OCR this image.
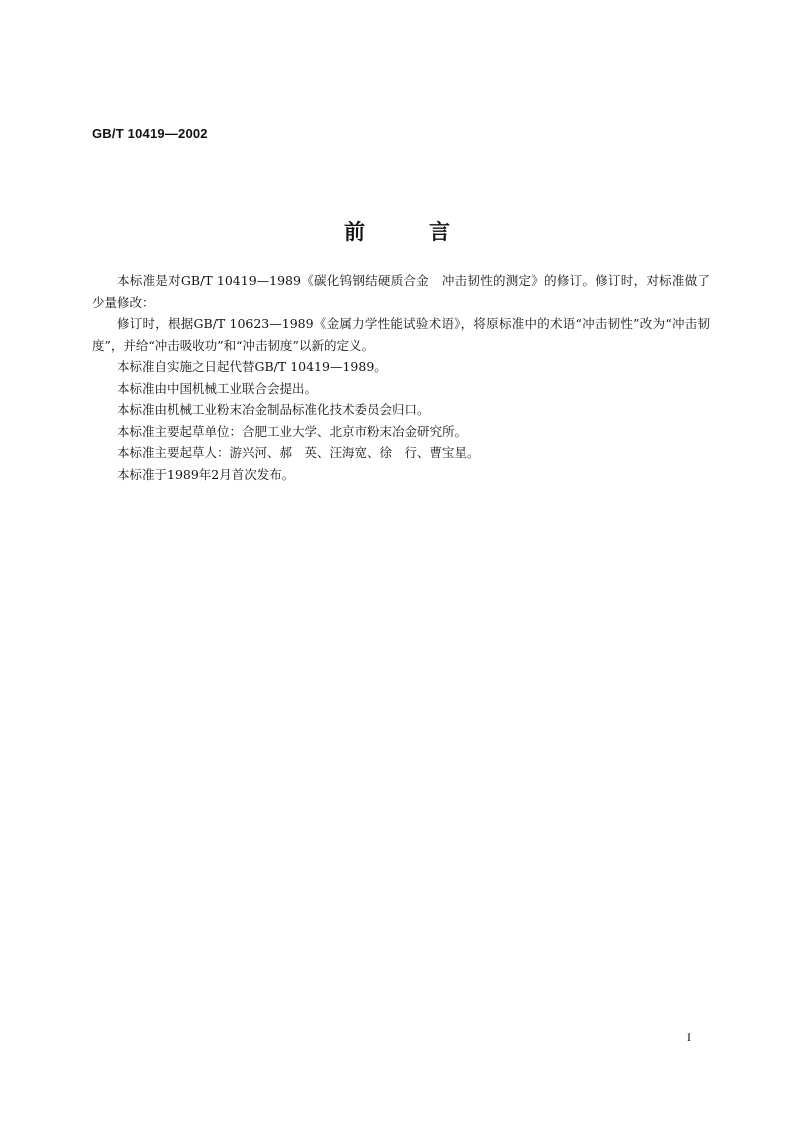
GB/T 10419—2002
前	言

本标准是对GB/T 10419—1989《碳化钨钢结硬质合金　冲击韧性的测定》的修订。修订时，对标准做了少量修改：

修订时，根据GB/T 10623—1989《金属力学性能试验术语》，将原标准中的术语“冲击韧性”改为“冲击韧度”，并给“冲击吸收功”和“冲击韧度”以新的定义。

本标准自实施之日起代替GB/T 10419—1989。

本标准由中国机械工业联合会提出。

本标准由机械工业粉末冶金制品标准化技术委员会归口。

本标准主要起草单位：合肥工业大学、北京市粉末冶金研究所。

本标准主要起草人：游兴河、郝　英、汪海宽、徐　行、曹宝星。

本标准于1989年2月首次发布。

I
